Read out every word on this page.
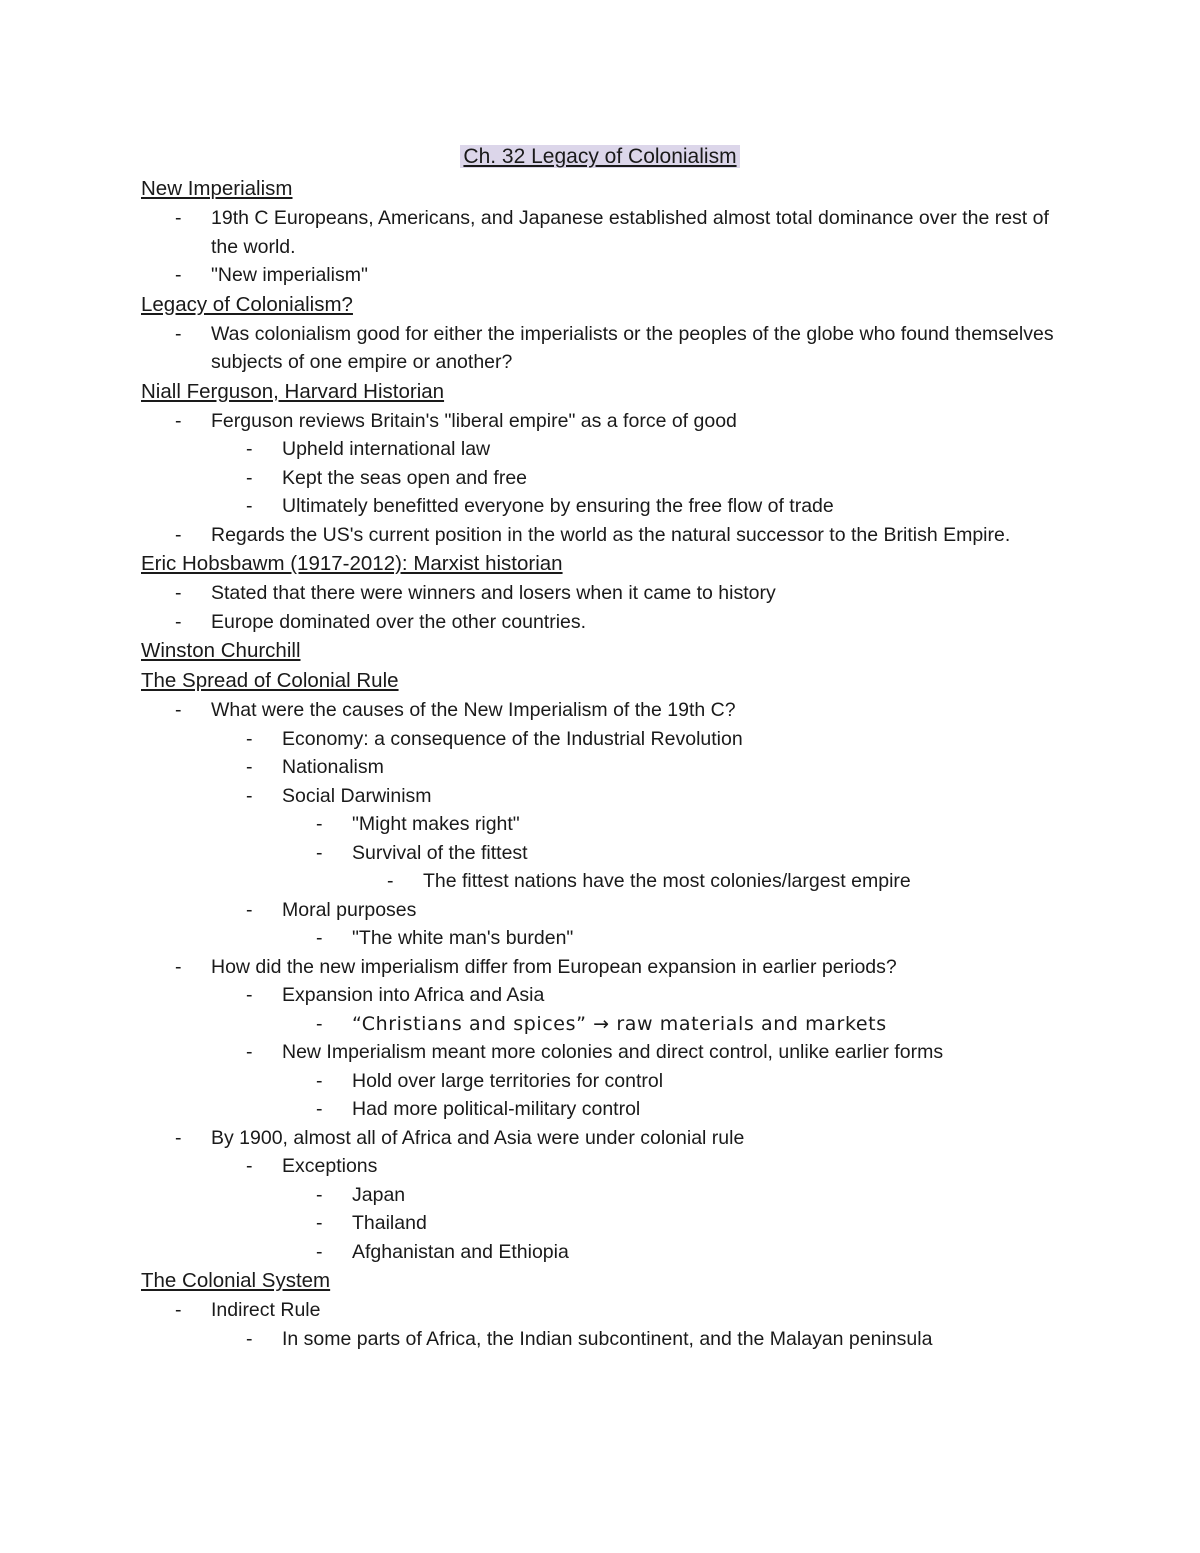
Ch. 32 Legacy of Colonialism
New Imperialism
-	19th C Europeans, Americans, and Japanese established almost total dominance over the rest of the world.
-	"New imperialism"
Legacy of Colonialism?
-	Was colonialism good for either the imperialists or the peoples of the globe who found themselves subjects of one empire or another?
Niall Ferguson, Harvard Historian
-	Ferguson reviews Britain's "liberal empire" as a force of good
-	Upheld international law
-	Kept the seas open and free
-	Ultimately benefitted everyone by ensuring the free flow of trade
-	Regards the US's current position in the world as the natural successor to the British Empire.
Eric Hobsbawm (1917-2012): Marxist historian
-	Stated that there were winners and losers when it came to history
-	Europe dominated over the other countries.
Winston Churchill
The Spread of Colonial Rule
-	What were the causes of the New Imperialism of the 19th C?
-	Economy: a consequence of the Industrial Revolution
-	Nationalism
-	Social Darwinism
-	"Might makes right"
-	Survival of the fittest
-	The fittest nations have the most colonies/largest empire
-	Moral purposes
-	"The white man's burden"
-	How did the new imperialism differ from European expansion in earlier periods?
-	Expansion into Africa and Asia
-	“Christians and spices” → raw materials and markets
-	New Imperialism meant more colonies and direct control, unlike earlier forms
-	Hold over large territories for control
-	Had more political-military control
-	By 1900, almost all of Africa and Asia were under colonial rule
-	Exceptions
-	Japan
-	Thailand
-	Afghanistan and Ethiopia
The Colonial System
-	Indirect Rule
-	In some parts of Africa, the Indian subcontinent, and the Malayan peninsula
